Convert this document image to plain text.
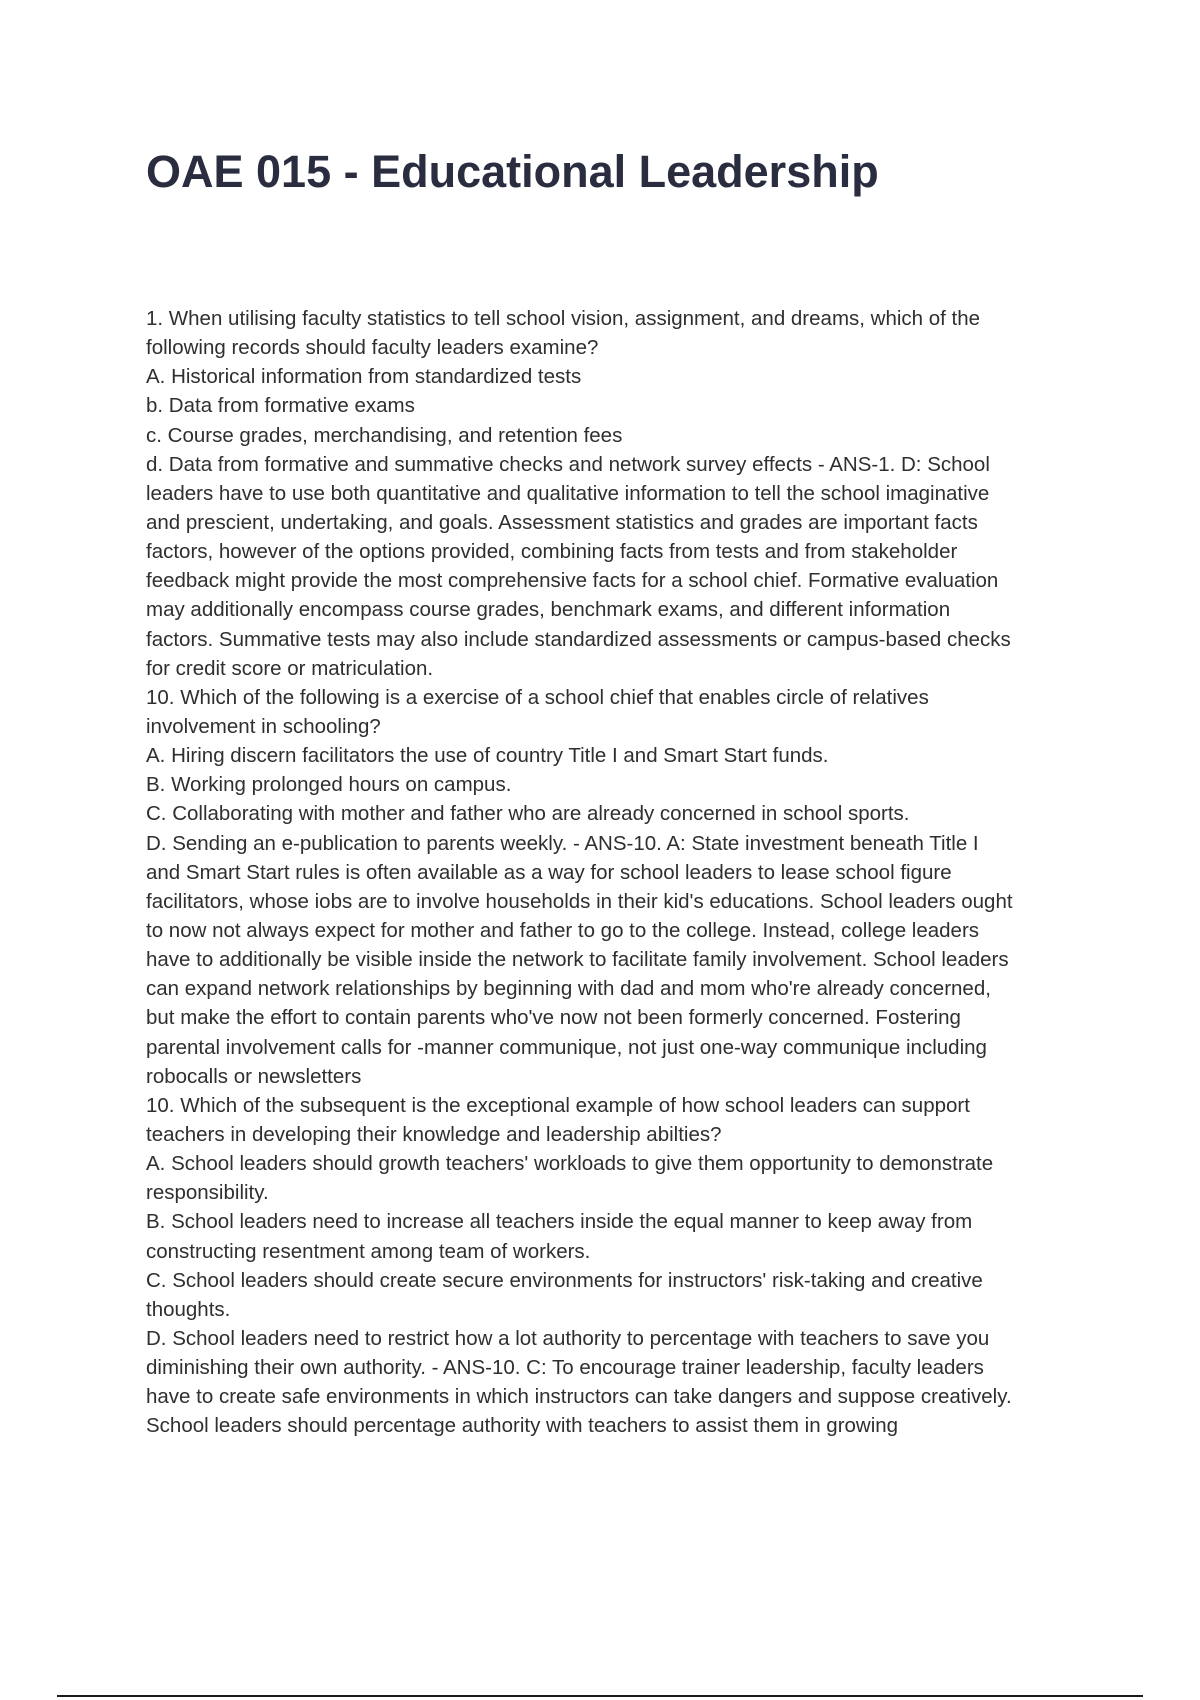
OAE 015 - Educational Leadership
1. When utilising faculty statistics to tell school vision, assignment, and dreams, which of the
following records should faculty leaders examine?
A. Historical information from standardized tests
b. Data from formative exams
c. Course grades, merchandising, and retention fees
d. Data from formative and summative checks and network survey effects - ANS-1. D: School
leaders have to use both quantitative and qualitative information to tell the school imaginative
and prescient, undertaking, and goals. Assessment statistics and grades are important facts
factors, however of the options provided, combining facts from tests and from stakeholder
feedback might provide the most comprehensive facts for a school chief. Formative evaluation
may additionally encompass course grades, benchmark exams, and different information
factors. Summative tests may also include standardized assessments or campus-based checks
for credit score or matriculation.
10. Which of the following is a exercise of a school chief that enables circle of relatives
involvement in schooling?
A. Hiring discern facilitators the use of country Title I and Smart Start funds.
B. Working prolonged hours on campus.
C. Collaborating with mother and father who are already concerned in school sports.
D. Sending an e-publication to parents weekly. - ANS-10. A: State investment beneath Title I
and Smart Start rules is often available as a way for school leaders to lease school figure
facilitators, whose iobs are to involve households in their kid's educations. School leaders ought
to now not always expect for mother and father to go to the college. Instead, college leaders
have to additionally be visible inside the network to facilitate family involvement. School leaders
can expand network relationships by beginning with dad and mom who're already concerned,
but make the effort to contain parents who've now not been formerly concerned. Fostering
parental involvement calls for -manner communique, not just one-way communique including
robocalls or newsletters
10. Which of the subsequent is the exceptional example of how school leaders can support
teachers in developing their knowledge and leadership abilties?
A. School leaders should growth teachers' workloads to give them opportunity to demonstrate
responsibility.
B. School leaders need to increase all teachers inside the equal manner to keep away from
constructing resentment among team of workers.
C. School leaders should create secure environments for instructors' risk-taking and creative
thoughts.
D. School leaders need to restrict how a lot authority to percentage with teachers to save you
diminishing their own authority. - ANS-10. C: To encourage trainer leadership, faculty leaders
have to create safe environments in which instructors can take dangers and suppose creatively.
School leaders should percentage authority with teachers to assist them in growing
